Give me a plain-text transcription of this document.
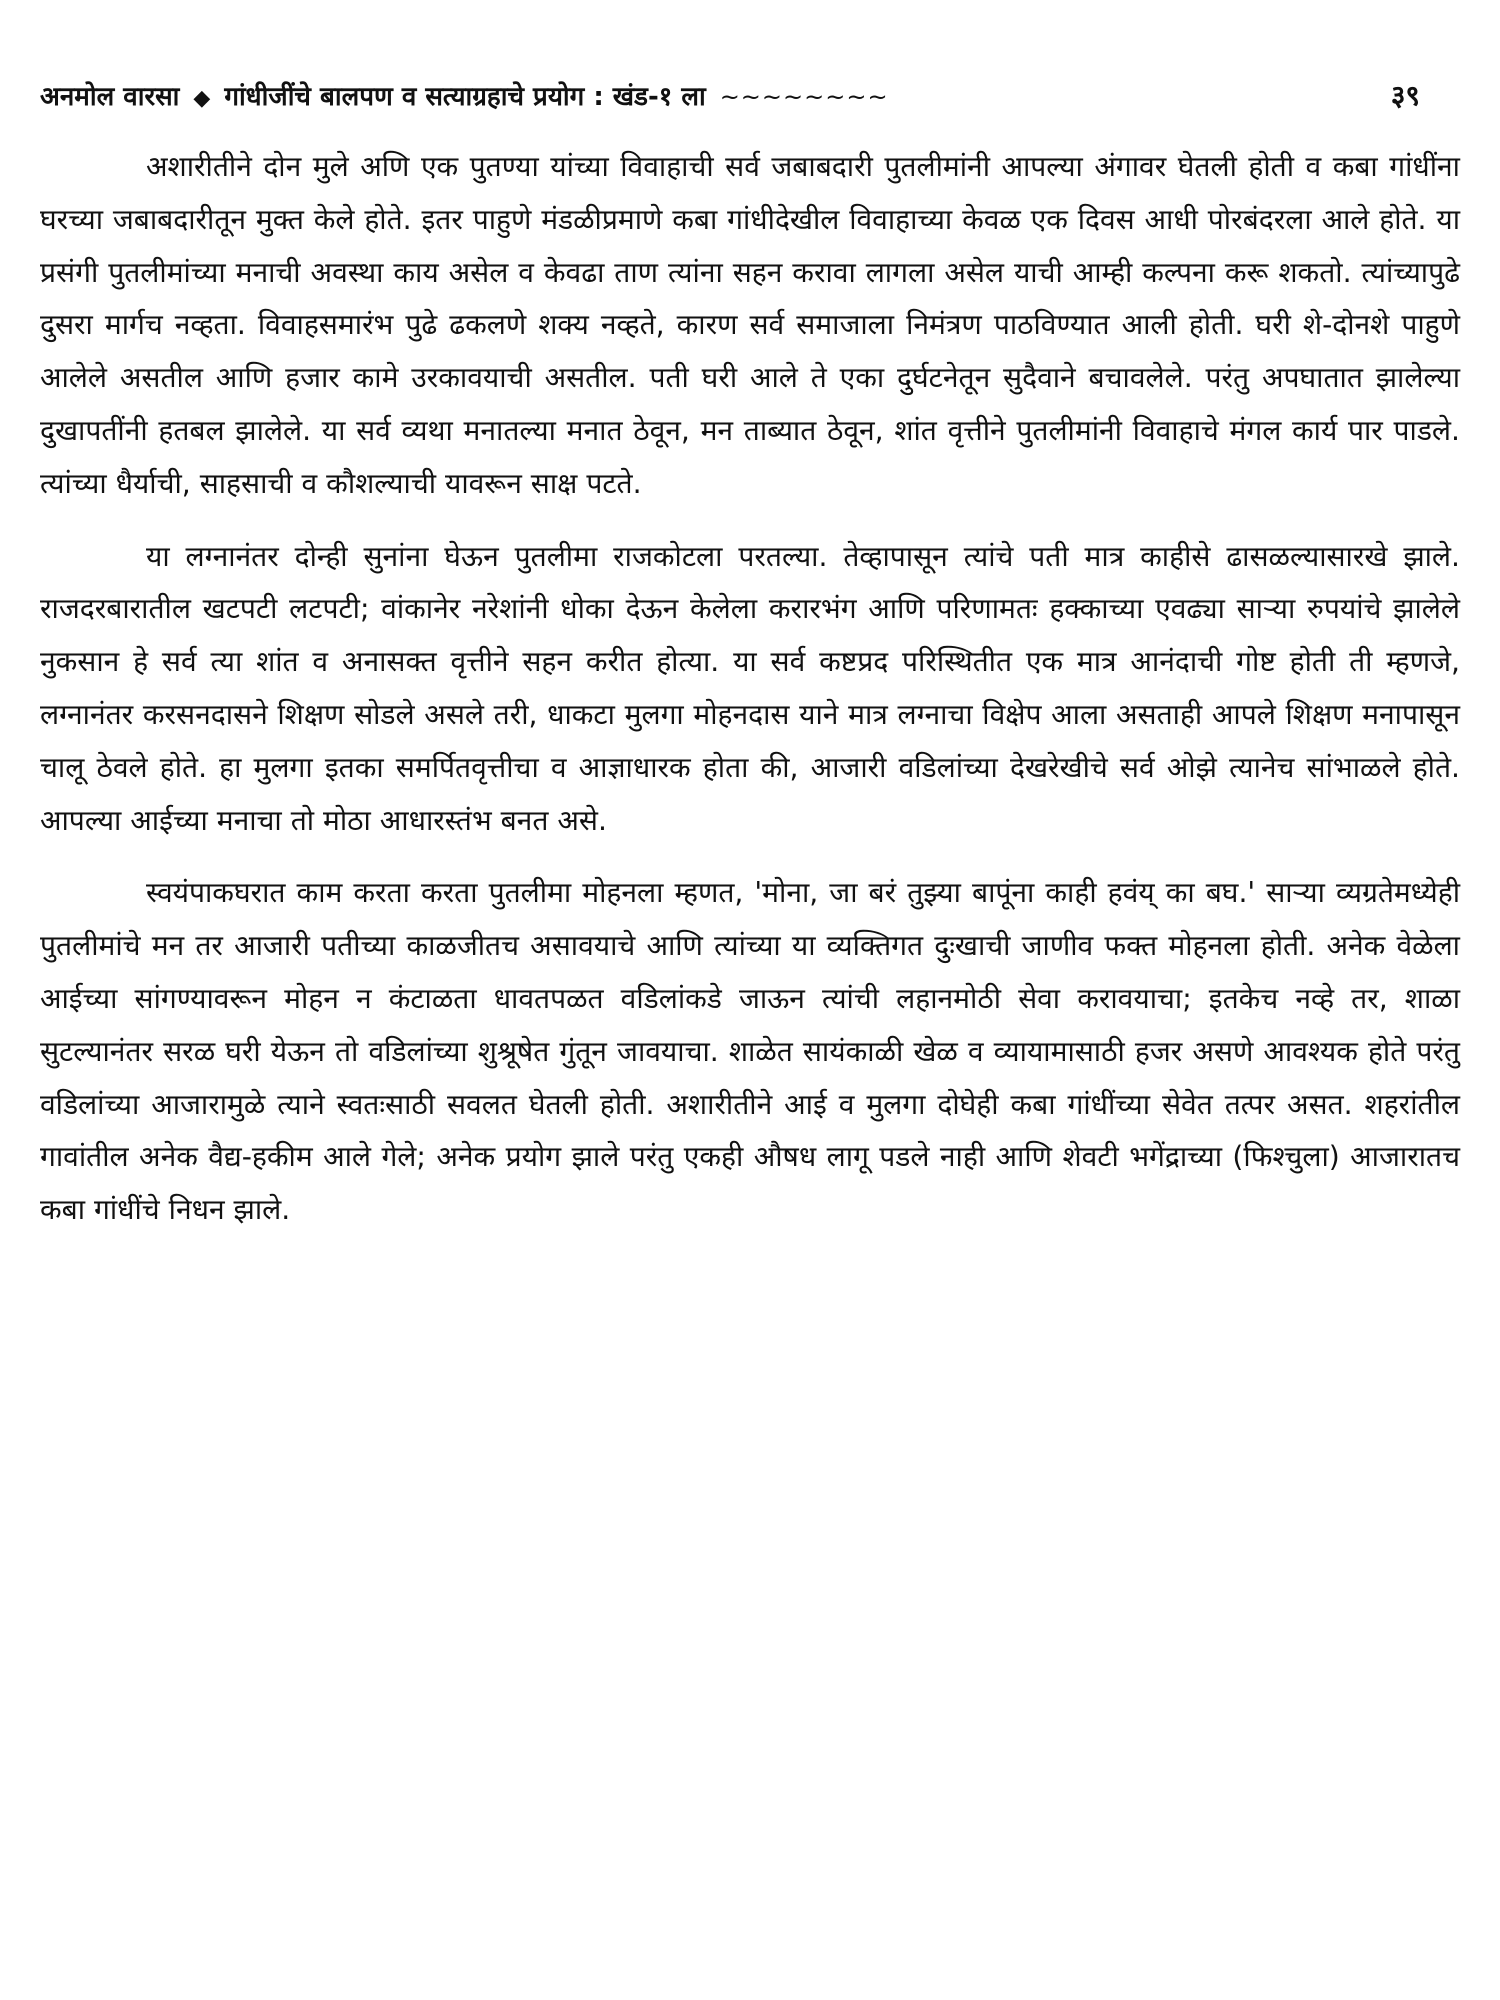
अनमोल वारसा ◆ गांधीजींचे बालपण व सत्याग्रहाचे प्रयोग : खंड-१ ला ~~~~~~~~	३९

अशारीतीने दोन मुले अणि एक पुतण्या यांच्या विवाहाची सर्व जबाबदारी पुतलीमांनी आपल्या अंगावर घेतली होती व कबा गांधींना घरच्या जबाबदारीतून मुक्त केले होते. इतर पाहुणे मंडळीप्रमाणे कबा गांधीदेखील विवाहाच्या केवळ एक दिवस आधी पोरबंदरला आले होते. या प्रसंगी पुतलीमांच्या मनाची अवस्था काय असेल व केवढा ताण त्यांना सहन करावा लागला असेल याची आम्ही कल्पना करू शकतो. त्यांच्यापुढे दुसरा मार्गच नव्हता. विवाहसमारंभ पुढे ढकलणे शक्य नव्हते, कारण सर्व समाजाला निमंत्रण पाठविण्यात आली होती. घरी शे-दोनशे पाहुणे आलेले असतील आणि हजार कामे उरकावयाची असतील. पती घरी आले ते एका दुर्घटनेतून सुदैवाने बचावलेले. परंतु अपघातात झालेल्या दुखापतींनी हतबल झालेले. या सर्व व्यथा मनातल्या मनात ठेवून, मन ताब्यात ठेवून, शांत वृत्तीने पुतलीमांनी विवाहाचे मंगल कार्य पार पाडले. त्यांच्या धैर्याची, साहसाची व कौशल्याची यावरून साक्ष पटते.

या लग्नानंतर दोन्ही सुनांना घेऊन पुतलीमा राजकोटला परतल्या. तेव्हापासून त्यांचे पती मात्र काहीसे ढासळल्यासारखे झाले. राजदरबारातील खटपटी लटपटी; वांकानेर नरेशांनी धोका देऊन केलेला करारभंग आणि परिणामतः हक्काच्या एवढ्या साऱ्या रुपयांचे झालेले नुकसान हे सर्व त्या शांत व अनासक्त वृत्तीने सहन करीत होत्या. या सर्व कष्टप्रद परिस्थितीत एक मात्र आनंदाची गोष्ट होती ती म्हणजे, लग्नानंतर करसनदासने शिक्षण सोडले असले तरी, धाकटा मुलगा मोहनदास याने मात्र लग्नाचा विक्षेप आला असताही आपले शिक्षण मनापासून चालू ठेवले होते. हा मुलगा इतका समर्पितवृत्तीचा व आज्ञाधारक होता की, आजारी वडिलांच्या देखरेखीचे सर्व ओझे त्यानेच सांभाळले होते. आपल्या आईच्या मनाचा तो मोठा आधारस्तंभ बनत असे.

स्वयंपाकघरात काम करता करता पुतलीमा मोहनला म्हणत, 'मोना, जा बरं तुझ्या बापूंना काही हवंय् का बघ.' साऱ्या व्यग्रतेमध्येही पुतलीमांचे मन तर आजारी पतीच्या काळजीतच असावयाचे आणि त्यांच्या या व्यक्तिगत दुःखाची जाणीव फक्त मोहनला होती. अनेक वेळेला आईच्या सांगण्यावरून मोहन न कंटाळता धावतपळत वडिलांकडे जाऊन त्यांची लहानमोठी सेवा करावयाचा; इतकेच नव्हे तर, शाळा सुटल्यानंतर सरळ घरी येऊन तो वडिलांच्या शुश्रूषेत गुंतून जावयाचा. शाळेत सायंकाळी खेळ व व्यायामासाठी हजर असणे आवश्यक होते परंतु वडिलांच्या आजारामुळे त्याने स्वतःसाठी सवलत घेतली होती. अशारीतीने आई व मुलगा दोघेही कबा गांधींच्या सेवेत तत्पर असत. शहरांतील गावांतील अनेक वैद्य-हकीम आले गेले; अनेक प्रयोग झाले परंतु एकही औषध लागू पडले नाही आणि शेवटी भगेंद्राच्या (फिश्चुला) आजारातच कबा गांधींचे निधन झाले.
